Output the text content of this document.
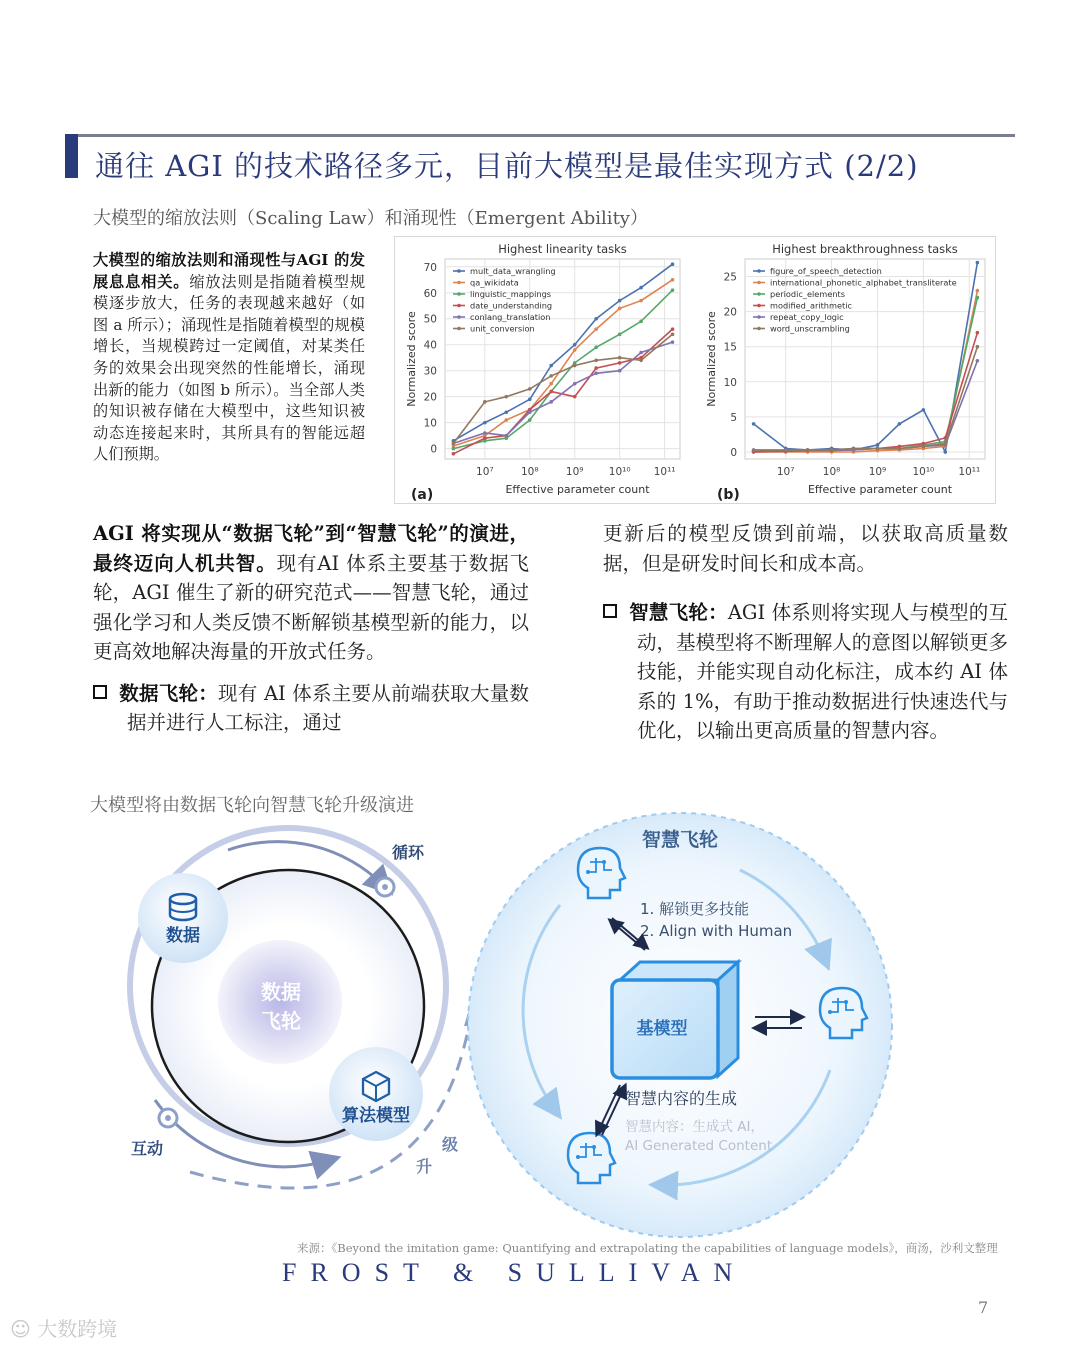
通往 AGI 的技术路径多元，目前大模型是最佳实现方式 (2/2)
大模型的缩放法则（Scaling Law）和涌现性（Emergent Ability）
大模型的缩放法则和涌现性与AGI 的发展息息相关。缩放法则是指随着模型规模逐步放大，任务的表现越来越好（如图 a 所示）；涌现性是指随着模型的规模增长，当规模跨过一定阈值，对某类任务的效果会出现突然的性能增长，涌现出新的能力（如图 b 所示）。当全部人类的知识被存储在大模型中，这些知识被动态连接起来时，其所具有的智能远超人们预期。	0
10
20
30
40
50
60
70
10⁷	10⁸	10⁹ 10¹⁰ 10¹¹
mult_data_wrangling
qa_wikidata
linguistic_mappings
date_understanding
conlang_translation
unit_conversion
Highest linearity tasks
Effective parameter count
Normalized score
(a)
0
5
10
15
20
25
10⁷	10⁸	10⁹ 10¹⁰ 10¹¹
figure_of_speech_detection
international_phonetic_alphabet_transliterate
periodic_elements
modified_arithmetic
repeat_copy_logic
word_unscrambling
Highest breakthroughness tasks
Effective parameter count
Normalized score
(b)

AGI 将实现从“数据飞轮”到“智慧飞轮”的演进，最终迈向人机共智。现有AI 体系主要基于数据飞轮，AGI 催生了新的研究范式——智慧飞轮，通过强化学习和人类反馈不断解锁基模型新的能力，以更高效地解决海量的开放式任务。

数据飞轮：现有 AI 体系主要从前端获取大量数据并进行人工标注，通过

更新后的模型反馈到前端，以获取高质量数据，但是研发时间长和成本高。

智慧飞轮：AGI 体系则将实现人与模型的互动，基模型将不断理解人的意图以解锁更多技能，并能实现自动化标注，成本约 AI 体系的 1%，有助于推动数据进行快速迭代与优化，以输出更高质量的智慧内容。

大模型将由数据飞轮向智慧飞轮升级演进
数据
飞轮
数据
算法模型
循环
互动	级
升
智慧飞轮
1. 解锁更多技能
2. Align with Human
基模型
智慧内容的生成
智慧内容：生成式 AI，
AI Generated Content
来源：《Beyond the imitation game: Quantifying and extrapolating the capabilities of language models》，商汤，沙利文整理
FROST & SULLIVAN
7
☺ 大数跨境
